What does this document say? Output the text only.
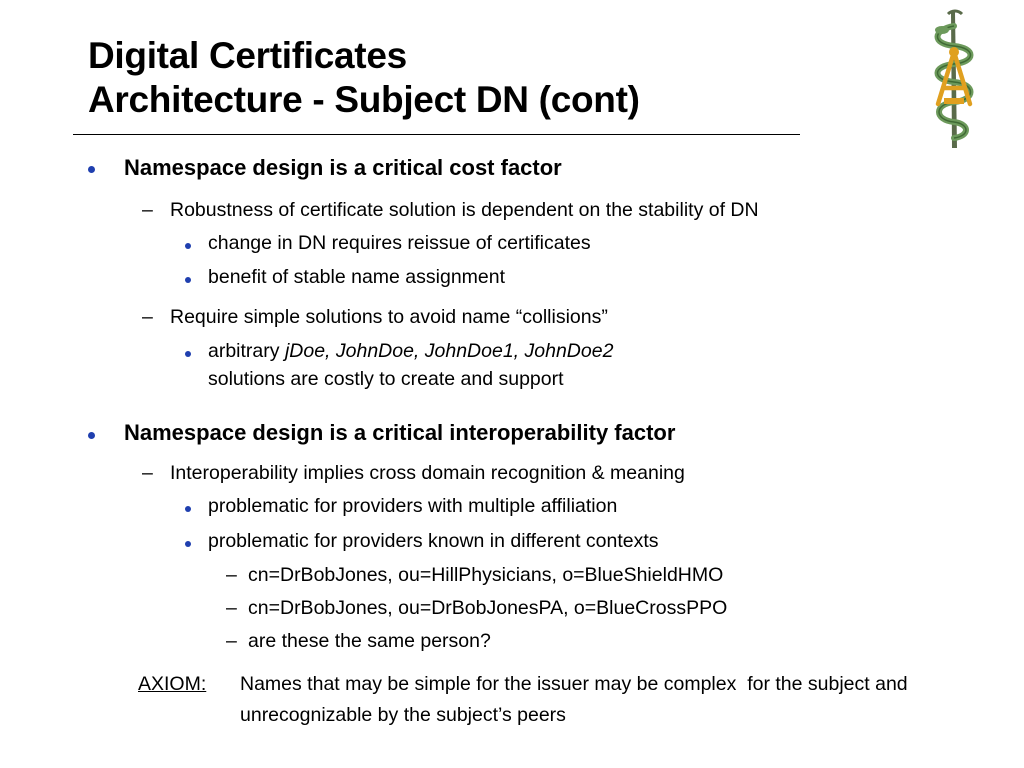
Digital Certificates
Architecture - Subject DN (cont)
Namespace design is a critical cost factor
– Robustness of certificate solution is dependent on the stability of DN
change in DN requires reissue of certificates
benefit of stable name assignment
– Require simple solutions to avoid name “collisions”
arbitrary jDoe, JohnDoe, JohnDoe1, JohnDoe2
solutions are costly to create and support
Namespace design is a critical interoperability factor
– Interoperability implies cross domain recognition & meaning
problematic for providers with multiple affiliation
problematic for providers known in different contexts
– cn=DrBobJones, ou=HillPhysicians, o=BlueShieldHMO
– cn=DrBobJones, ou=DrBobJonesPA, o=BlueCrossPPO
– are these the same person?
AXIOM: Names that may be simple for the issuer may be complex  for the subject and
unrecognizable by the subject’s peers
